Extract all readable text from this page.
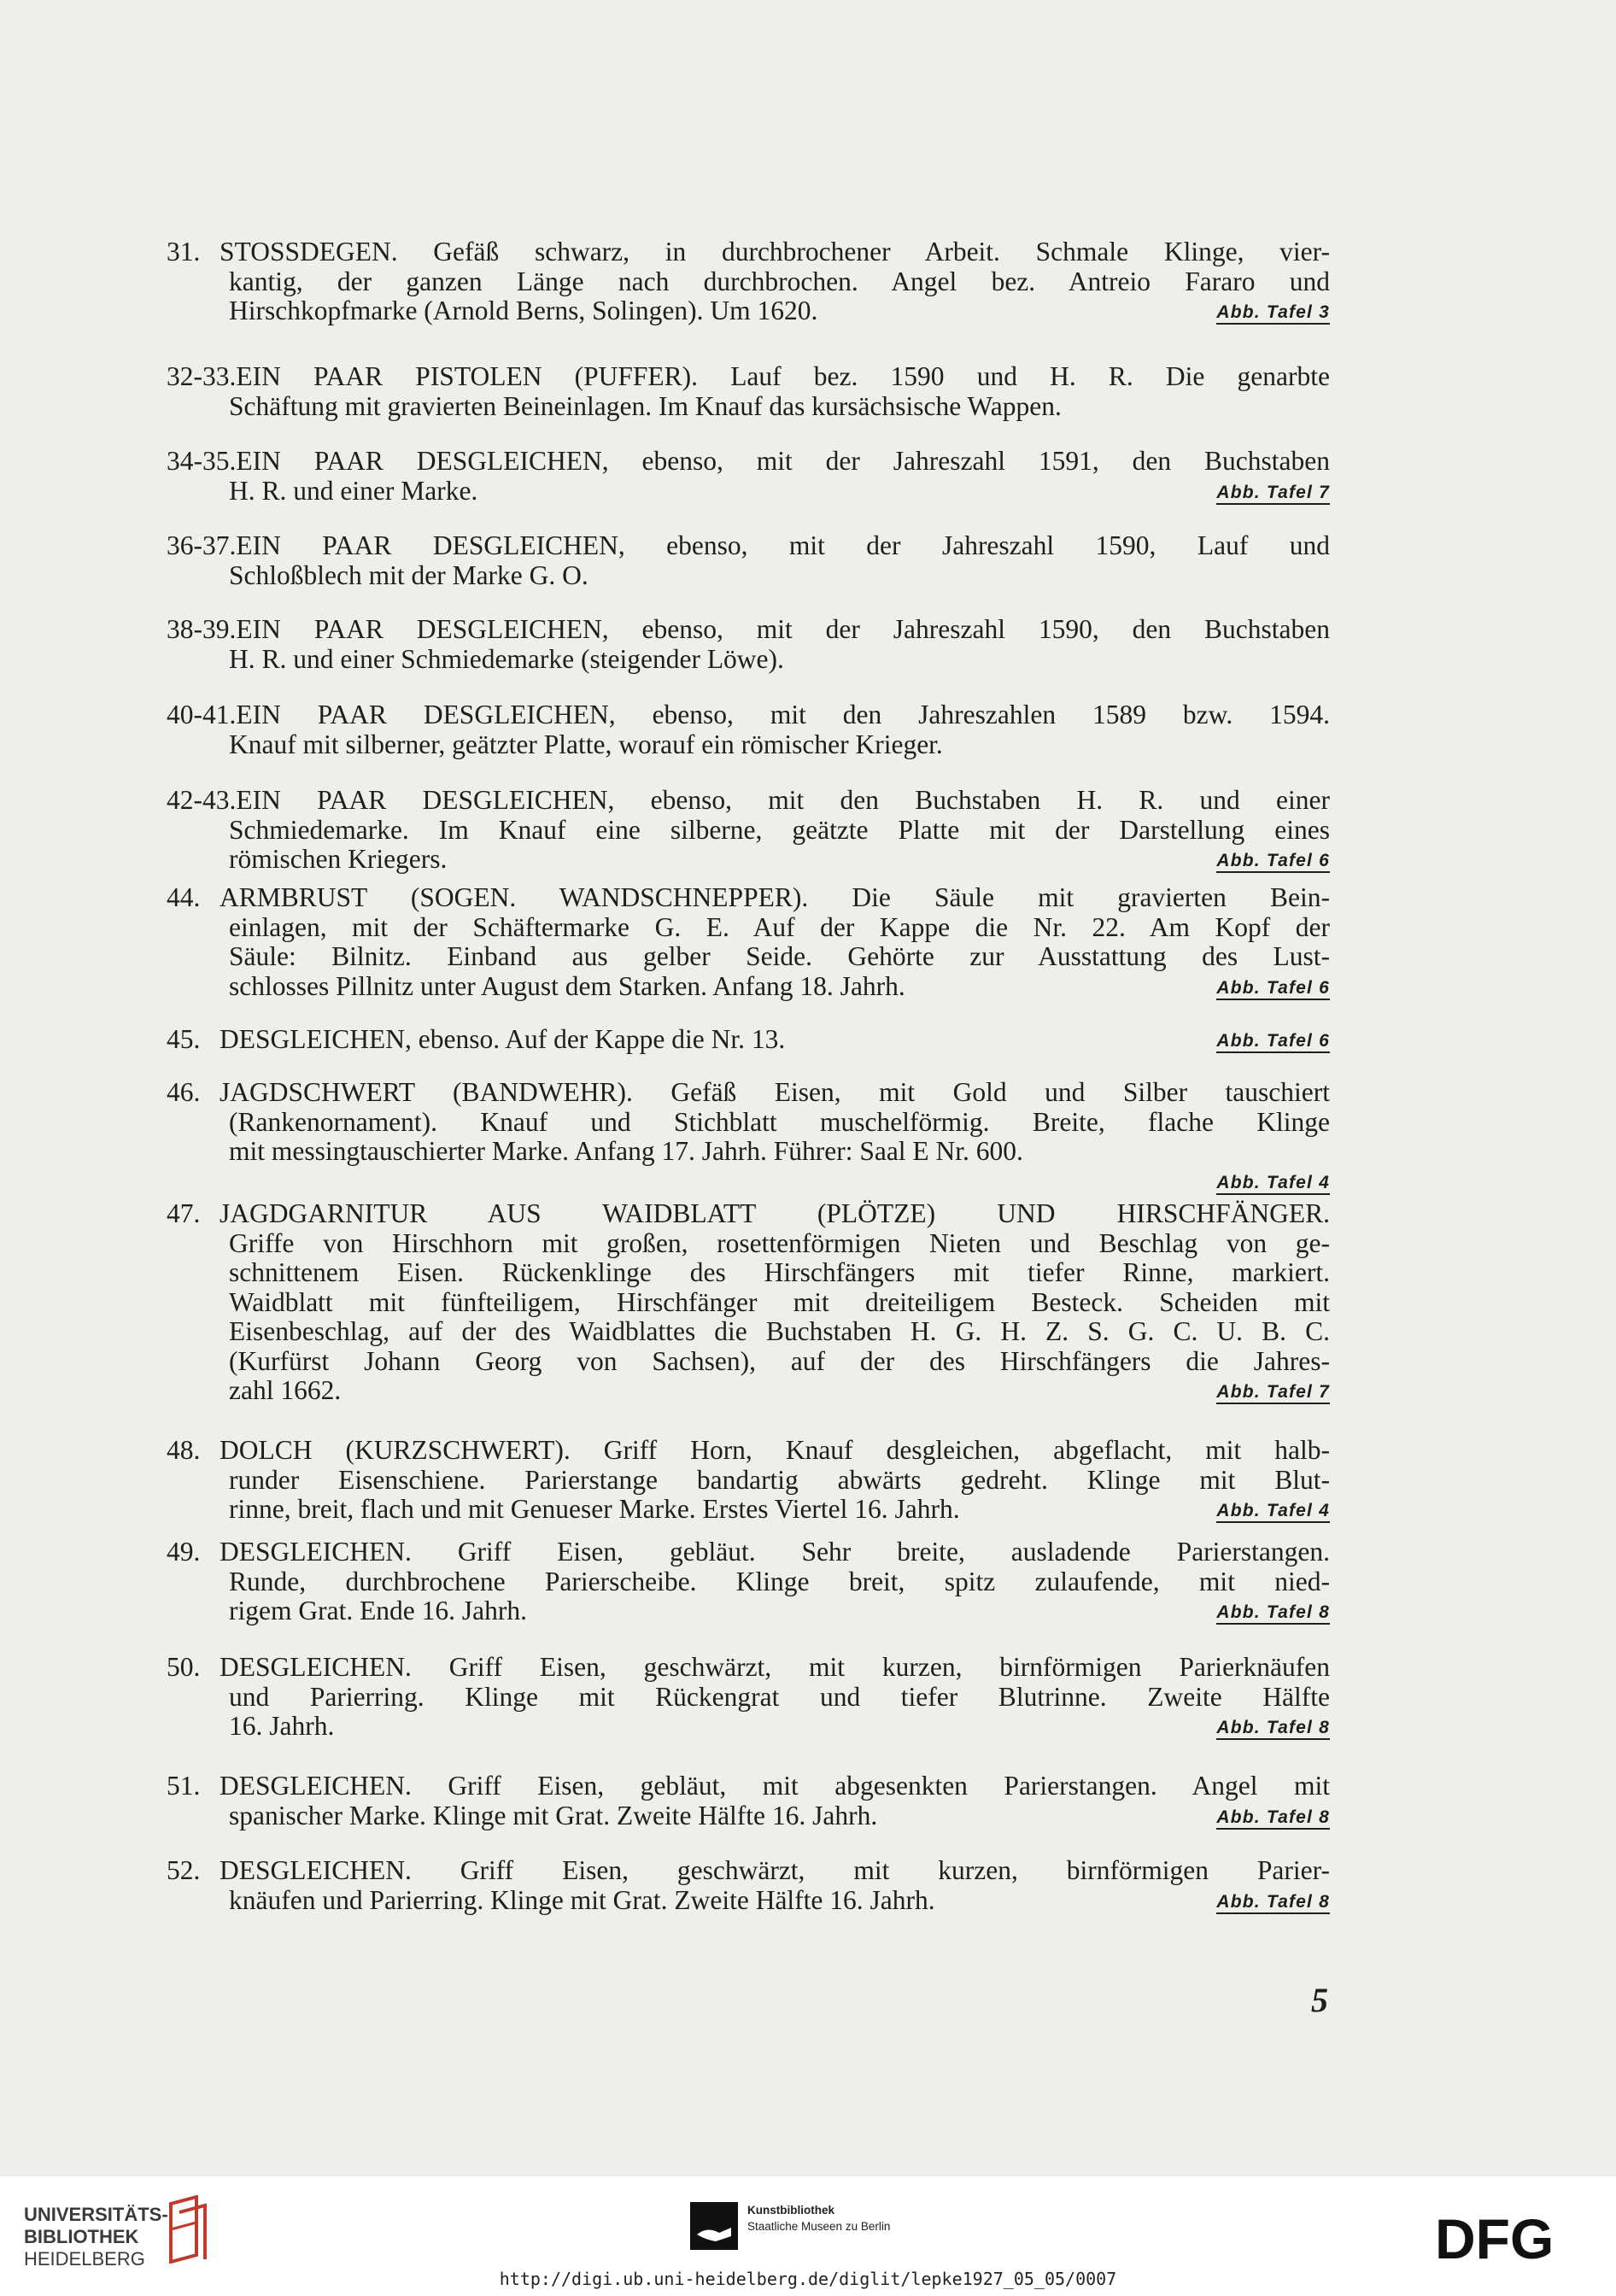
31. STOSSDEGEN. Gefäß schwarz, in durchbrochener Arbeit. Schmale Klinge, vier-
kantig, der ganzen Länge nach durchbrochen. Angel bez. Antreio Fararo und
Hirschkopfmarke (Arnold Berns, Solingen). Um 1620.	Abb. Tafel 3
32-33.EIN PAAR PISTOLEN (PUFFER). Lauf bez. 1590 und H. R. Die genarbte
Schäftung mit gravierten Beineinlagen. Im Knauf das kursächsische Wappen.
34-35.EIN PAAR DESGLEICHEN, ebenso, mit der Jahreszahl 1591, den Buchstaben
H. R. und einer Marke.	Abb. Tafel 7
36-37.EIN PAAR DESGLEICHEN, ebenso, mit der Jahreszahl 1590, Lauf und
Schloßblech mit der Marke G. O.
38-39.EIN PAAR DESGLEICHEN, ebenso, mit der Jahreszahl 1590, den Buchstaben
H. R. und einer Schmiedemarke (steigender Löwe).
40-41.EIN PAAR DESGLEICHEN, ebenso, mit den Jahreszahlen 1589 bzw. 1594.
Knauf mit silberner, geätzter Platte, worauf ein römischer Krieger.
42-43.EIN PAAR DESGLEICHEN, ebenso, mit den Buchstaben H. R. und einer
Schmiedemarke. Im Knauf eine silberne, geätzte Platte mit der Darstellung eines
römischen Kriegers.	Abb. Tafel 6
44. ARMBRUST (SOGEN. WANDSCHNEPPER). Die Säule mit gravierten Bein-
einlagen, mit der Schäftermarke G. E. Auf der Kappe die Nr. 22. Am Kopf der
Säule: Bilnitz. Einband aus gelber Seide. Gehörte zur Ausstattung des Lust-
schlosses Pillnitz unter August dem Starken. Anfang 18. Jahrh.	Abb. Tafel 6
45. DESGLEICHEN, ebenso. Auf der Kappe die Nr. 13.	Abb. Tafel 6
46. JAGDSCHWERT (BANDWEHR). Gefäß Eisen, mit Gold und Silber tauschiert
(Rankenornament). Knauf und Stichblatt muschelförmig. Breite, flache Klinge
mit messingtauschierter Marke. Anfang 17. Jahrh. Führer: Saal E Nr. 600.
Abb. Tafel 4
47. JAGDGARNITUR AUS WAIDBLATT (PLÖTZE) UND HIRSCHFÄNGER.
Griffe von Hirschhorn mit großen, rosettenförmigen Nieten und Beschlag von ge-
schnittenem Eisen. Rückenklinge des Hirschfängers mit tiefer Rinne, markiert.
Waidblatt mit fünfteiligem, Hirschfänger mit dreiteiligem Besteck. Scheiden mit
Eisenbeschlag, auf der des Waidblattes die Buchstaben H. G. H. Z. S. G. C. U. B. C.
(Kurfürst Johann Georg von Sachsen), auf der des Hirschfängers die Jahres-
zahl 1662.	Abb. Tafel 7
48. DOLCH (KURZSCHWERT). Griff Horn, Knauf desgleichen, abgeflacht, mit halb-
runder Eisenschiene. Parierstange bandartig abwärts gedreht. Klinge mit Blut-
rinne, breit, flach und mit Genueser Marke. Erstes Viertel 16. Jahrh.	Abb. Tafel 4
49. DESGLEICHEN. Griff Eisen, gebläut. Sehr breite, ausladende Parierstangen.
Runde, durchbrochene Parierscheibe. Klinge breit, spitz zulaufende, mit nied-
rigem Grat. Ende 16. Jahrh.	Abb. Tafel 8
50. DESGLEICHEN. Griff Eisen, geschwärzt, mit kurzen, birnförmigen Parierknäufen
und Parierring. Klinge mit Rückengrat und tiefer Blutrinne. Zweite Hälfte
16. Jahrh.	Abb. Tafel 8
51. DESGLEICHEN. Griff Eisen, gebläut, mit abgesenkten Parierstangen. Angel mit
spanischer Marke. Klinge mit Grat. Zweite Hälfte 16. Jahrh.	Abb. Tafel 8
52. DESGLEICHEN. Griff Eisen, geschwärzt, mit kurzen, birnförmigen Parier-
knäufen und Parierring. Klinge mit Grat. Zweite Hälfte 16. Jahrh.	Abb. Tafel 8
5
UNIVERSITÄTS-
BIBLIOTHEK
HEIDELBERG
Kunstbibliothek
Staatliche Museen zu Berlin	DFG
http://digi.ub.uni-heidelberg.de/diglit/lepke1927_05_05/0007
